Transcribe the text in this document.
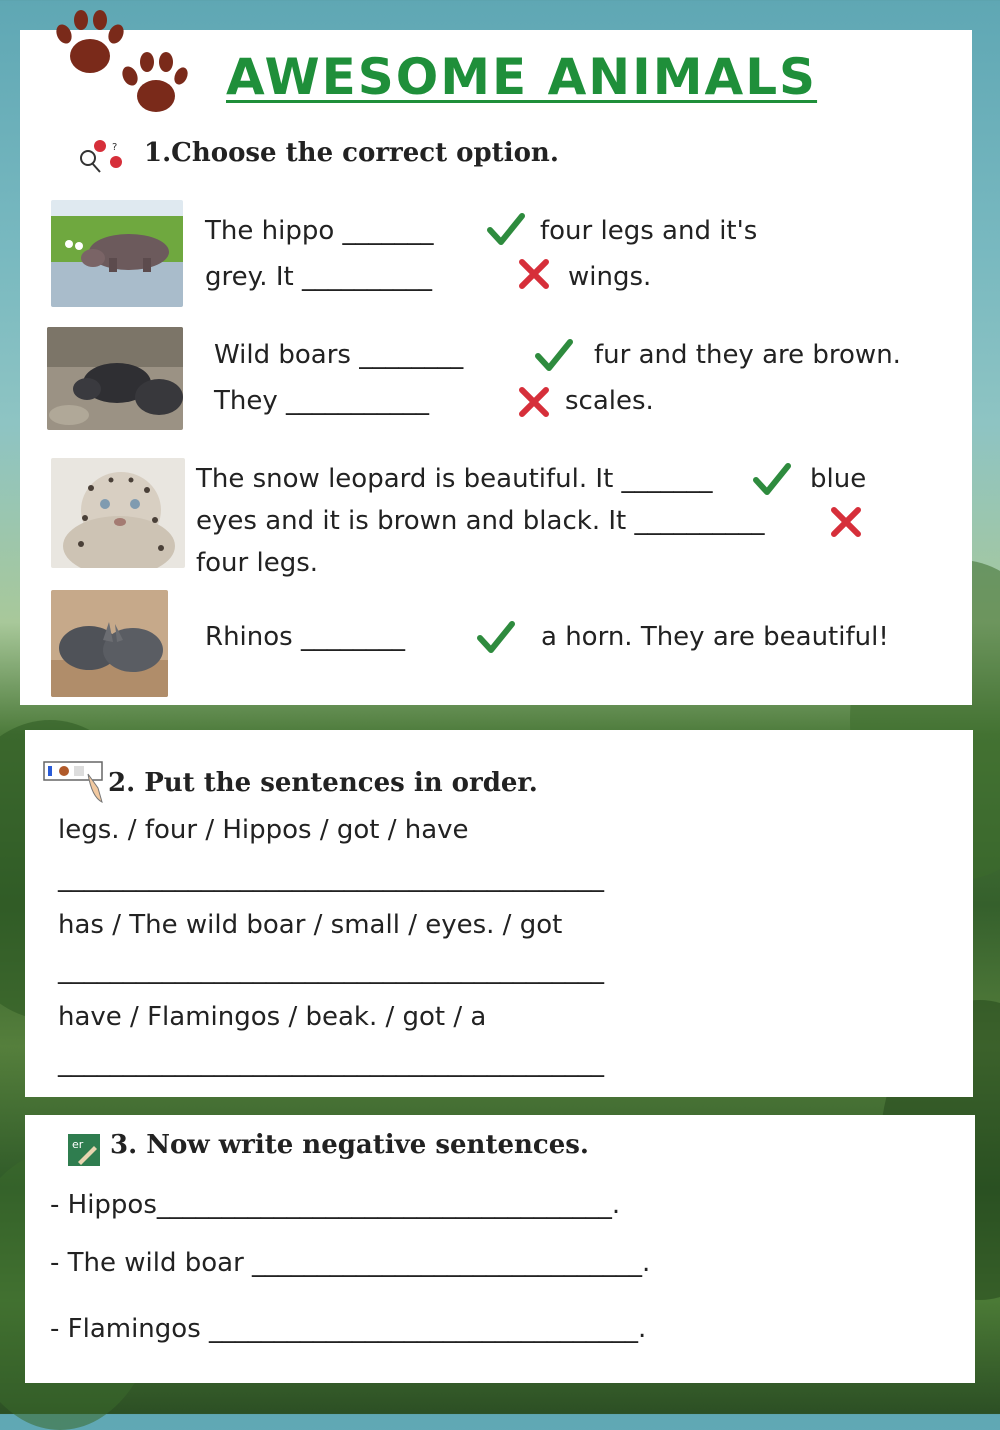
AWESOME ANIMALS
? 1.Choose the correct option.

The hippo _______	four legs and it's

grey. It __________	wings.

Wild boars ________	fur and they are brown.

They ___________	scales.

The snow leopard is beautiful. It _______	blue

eyes and it is brown and black. It __________

four legs.

Rhinos ________	a horn. They are beautiful!

2. Put the sentences in order.

legs. / four / Hippos / got / have

__________________________________________

has / The wild boar / small / eyes. / got

__________________________________________

have / Flamingos / beak. / got / a

__________________________________________

er 3. Now write negative sentences.

- Hippos___________________________________.

- The wild boar ______________________________.

- Flamingos _________________________________.
